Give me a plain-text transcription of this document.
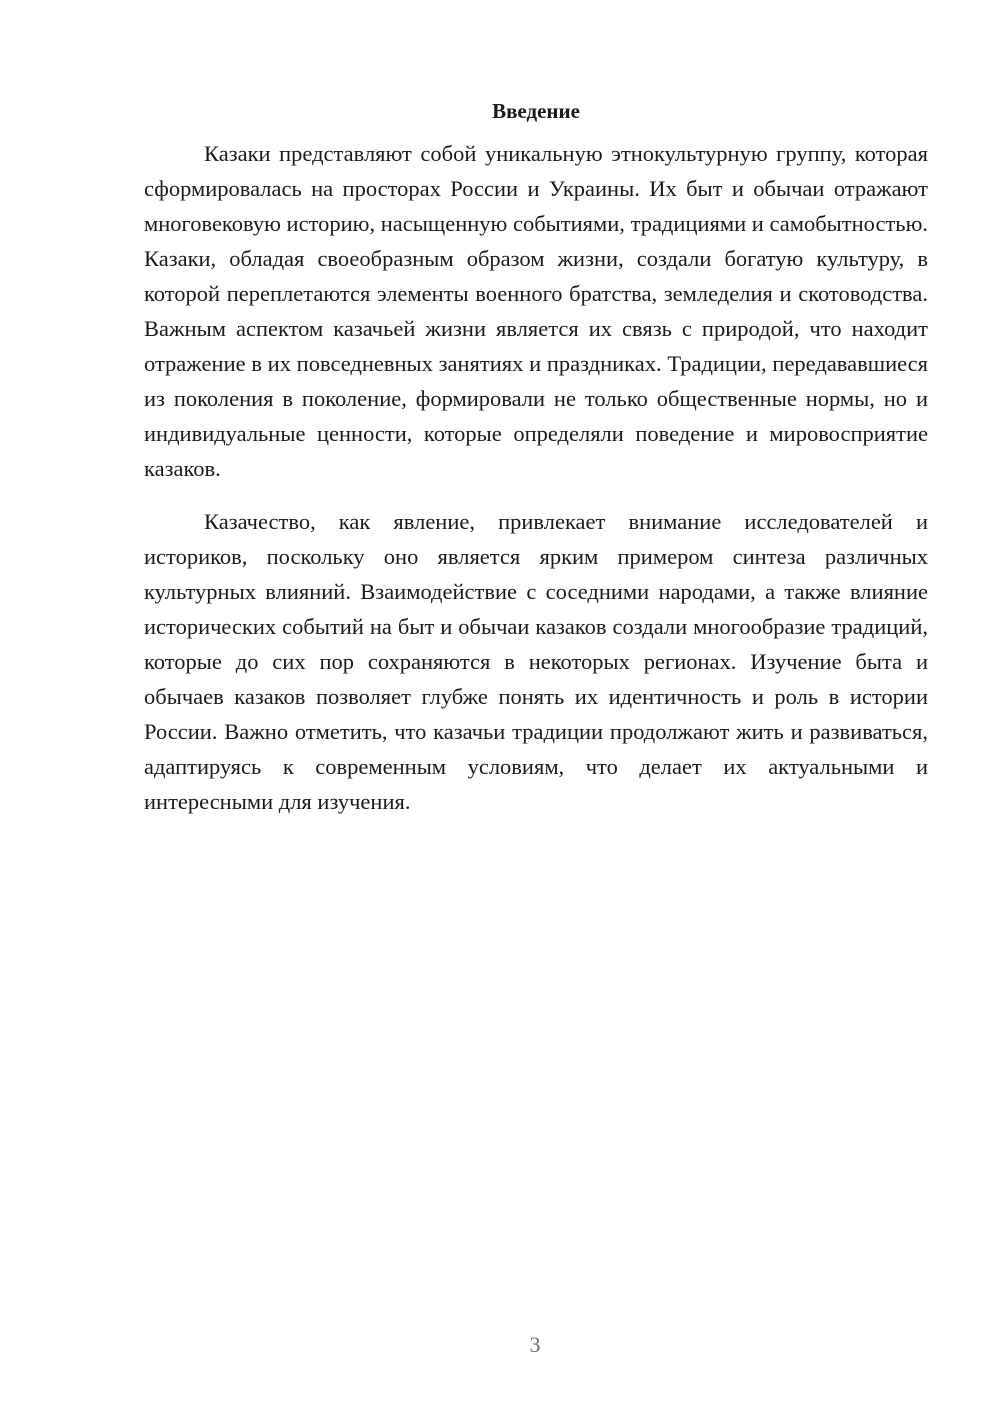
Введение

Казаки представляют собой уникальную этнокультурную группу, которая сформировалась на просторах России и Украины. Их быт и обычаи отражают многовековую историю, насыщенную событиями, традициями и самобытностью. Казаки, обладая своеобразным образом жизни, создали богатую культуру, в которой переплетаются элементы военного братства, земледелия и скотоводства. Важным аспектом казачьей жизни является их связь с природой, что находит отражение в их повседневных занятиях и праздниках. Традиции, передававшиеся из поколения в поколение, формировали не только общественные нормы, но и индивидуальные ценности, которые определяли поведение и мировосприятие казаков.

Казачество, как явление, привлекает внимание исследователей и историков, поскольку оно является ярким примером синтеза различных культурных влияний. Взаимодействие с соседними народами, а также влияние исторических событий на быт и обычаи казаков создали многообразие традиций, которые до сих пор сохраняются в некоторых регионах. Изучение быта и обычаев казаков позволяет глубже понять их идентичность и роль в истории России. Важно отметить, что казачьи традиции продолжают жить и развиваться, адаптируясь к современным условиям, что делает их актуальными и интересными для изучения.

3
